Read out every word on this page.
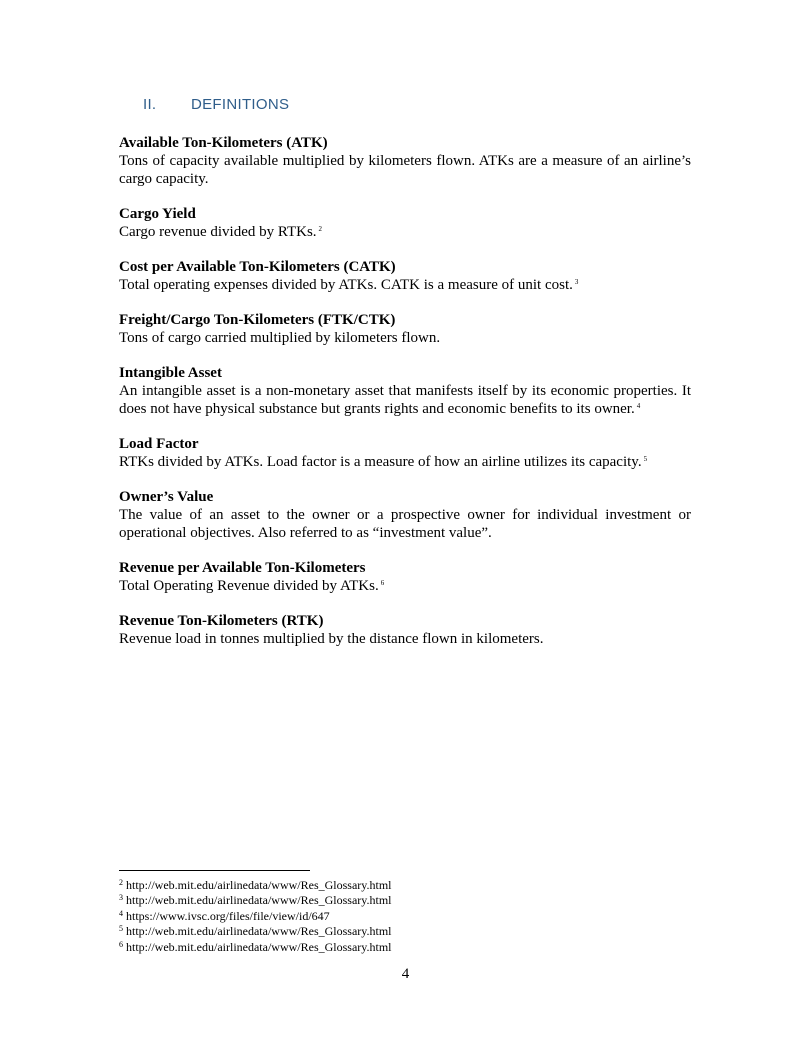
II. DEFINITIONS
Available Ton-Kilometers (ATK)
Tons of capacity available multiplied by kilometers flown. ATKs are a measure of an airline’s cargo capacity.
Cargo Yield
Cargo revenue divided by RTKs. $^2$
Cost per Available Ton-Kilometers (CATK)
Total operating expenses divided by ATKs. CATK is a measure of unit cost. $^3$
Freight/Cargo Ton-Kilometers (FTK/CTK)
Tons of cargo carried multiplied by kilometers flown.
Intangible Asset
An intangible asset is a non-monetary asset that manifests itself by its economic properties. It does not have physical substance but grants rights and economic benefits to its owner. $^4$
Load Factor
RTKs divided by ATKs. Load factor is a measure of how an airline utilizes its capacity. $^5$
Owner’s Value
The value of an asset to the owner or a prospective owner for individual investment or operational objectives. Also referred to as “investment value”.
Revenue per Available Ton-Kilometers
Total Operating Revenue divided by ATKs. $^6$
Revenue Ton-Kilometers (RTK)
Revenue load in tonnes multiplied by the distance flown in kilometers.
$^2$ http://web.mit.edu/airlinedata/www/Res_Glossary.html
$^3$ http://web.mit.edu/airlinedata/www/Res_Glossary.html
$^4$ https://www.ivsc.org/files/file/view/id/647
$^5$ http://web.mit.edu/airlinedata/www/Res_Glossary.html
$^6$ http://web.mit.edu/airlinedata/www/Res_Glossary.html
4
